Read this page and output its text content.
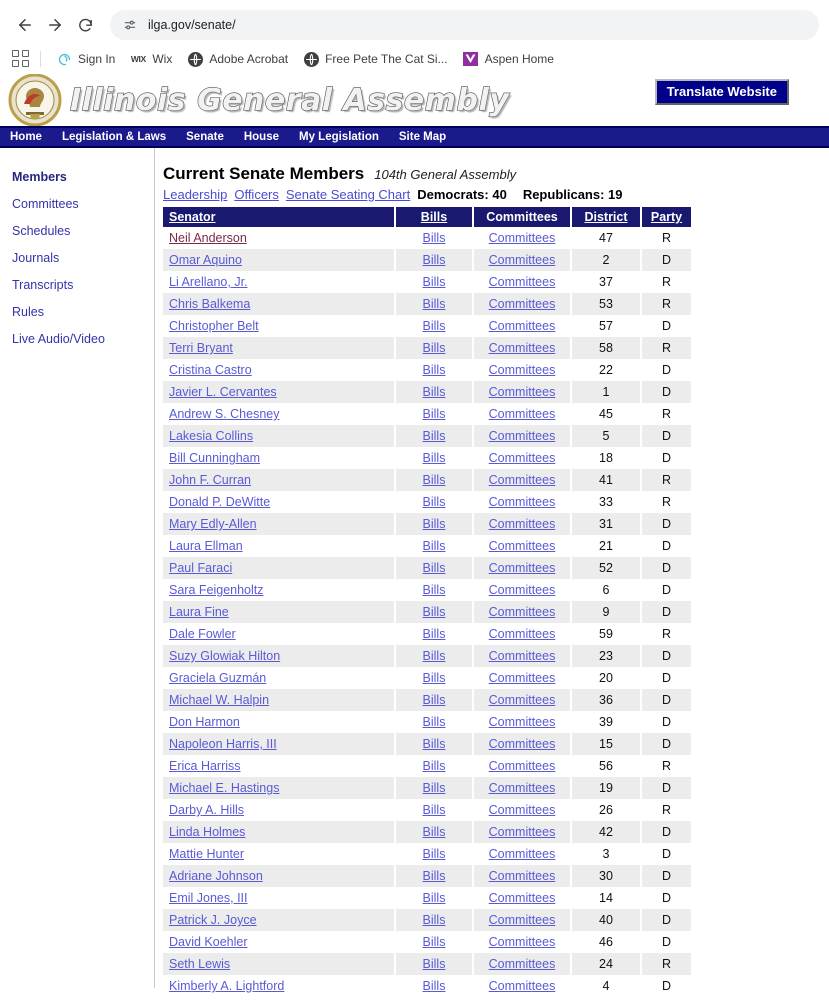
ilga.gov/senate/
Sign In WIX Wix	Adobe Acrobat	Free Pete The Cat Si...	Aspen Home
Illinois General Assembly	Translate Website
Home Legislation & Laws Senate House My Legislation Site Map
Members
Committees
Schedules
Journals
Transcripts
Rules
Live Audio/Video
Current Senate Members 104th General Assembly
Leadership Officers Senate Seating Chart Democrats: 40 Republicans: 19
Senator	Bills	Committees	District	Party
Neil Anderson	Bills	Committees	47	R
Omar Aquino	Bills	Committees	2	D
Li Arellano, Jr.	Bills	Committees	37	R
Chris Balkema	Bills	Committees	53	R
Christopher Belt	Bills	Committees	57	D
Terri Bryant	Bills	Committees	58	R
Cristina Castro	Bills	Committees	22	D
Javier L. Cervantes	Bills	Committees	1	D
Andrew S. Chesney	Bills	Committees	45	R
Lakesia Collins	Bills	Committees	5	D
Bill Cunningham	Bills	Committees	18	D
John F. Curran	Bills	Committees	41	R
Donald P. DeWitte	Bills	Committees	33	R
Mary Edly-Allen	Bills	Committees	31	D
Laura Ellman	Bills	Committees	21	D
Paul Faraci	Bills	Committees	52	D
Sara Feigenholtz	Bills	Committees	6	D
Laura Fine	Bills	Committees	9	D
Dale Fowler	Bills	Committees	59	R
Suzy Glowiak Hilton	Bills	Committees	23	D
Graciela Guzmán	Bills	Committees	20	D
Michael W. Halpin	Bills	Committees	36	D
Don Harmon	Bills	Committees	39	D
Napoleon Harris, III	Bills	Committees	15	D
Erica Harriss	Bills	Committees	56	R
Michael E. Hastings	Bills	Committees	19	D
Darby A. Hills	Bills	Committees	26	R
Linda Holmes	Bills	Committees	42	D
Mattie Hunter	Bills	Committees	3	D
Adriane Johnson	Bills	Committees	30	D
Emil Jones, III	Bills	Committees	14	D
Patrick J. Joyce	Bills	Committees	40	D
David Koehler	Bills	Committees	46	D
Seth Lewis	Bills	Committees	24	R
Kimberly A. Lightford	Bills	Committees	4	D
